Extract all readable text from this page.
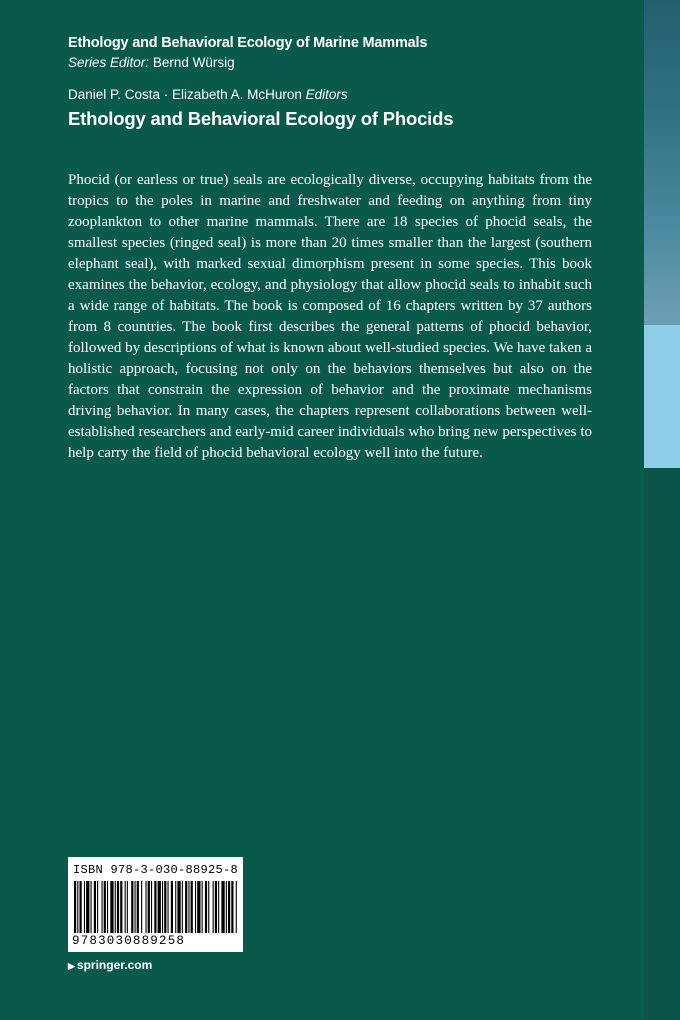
Ethology and Behavioral Ecology of Marine Mammals
Series Editor: Bernd Würsig
Daniel P. Costa · Elizabeth A. McHuron Editors
Ethology and Behavioral Ecology of Phocids

Phocid (or earless or true) seals are ecologically diverse, occupying habitats from the tropics to the poles in marine and freshwater and feeding on anything from tiny zooplankton to other marine mammals. There are 18 species of phocid seals, the smallest species (ringed seal) is more than 20 times smaller than the largest (southern elephant seal), with marked sexual dimorphism present in some species. This book examines the behavior, ecology, and physiology that allow phocid seals to inhabit such a wide range of habitats. The book is composed of 16 chapters written by 37 authors from 8 countries. The book first describes the general patterns of phocid behavior, followed by descriptions of what is known about well-studied species. We have taken a holistic approach, focusing not only on the behaviors themselves but also on the factors that constrain the expression of behavior and the proximate mechanisms driving behavior. In many cases, the chapters represent collaborations between well-established researchers and early-mid career individuals who bring new perspectives to help carry the field of phocid behavioral ecology well into the future.

ISBN 978-3-030-88925-8
9783030889258
▶ springer.com
